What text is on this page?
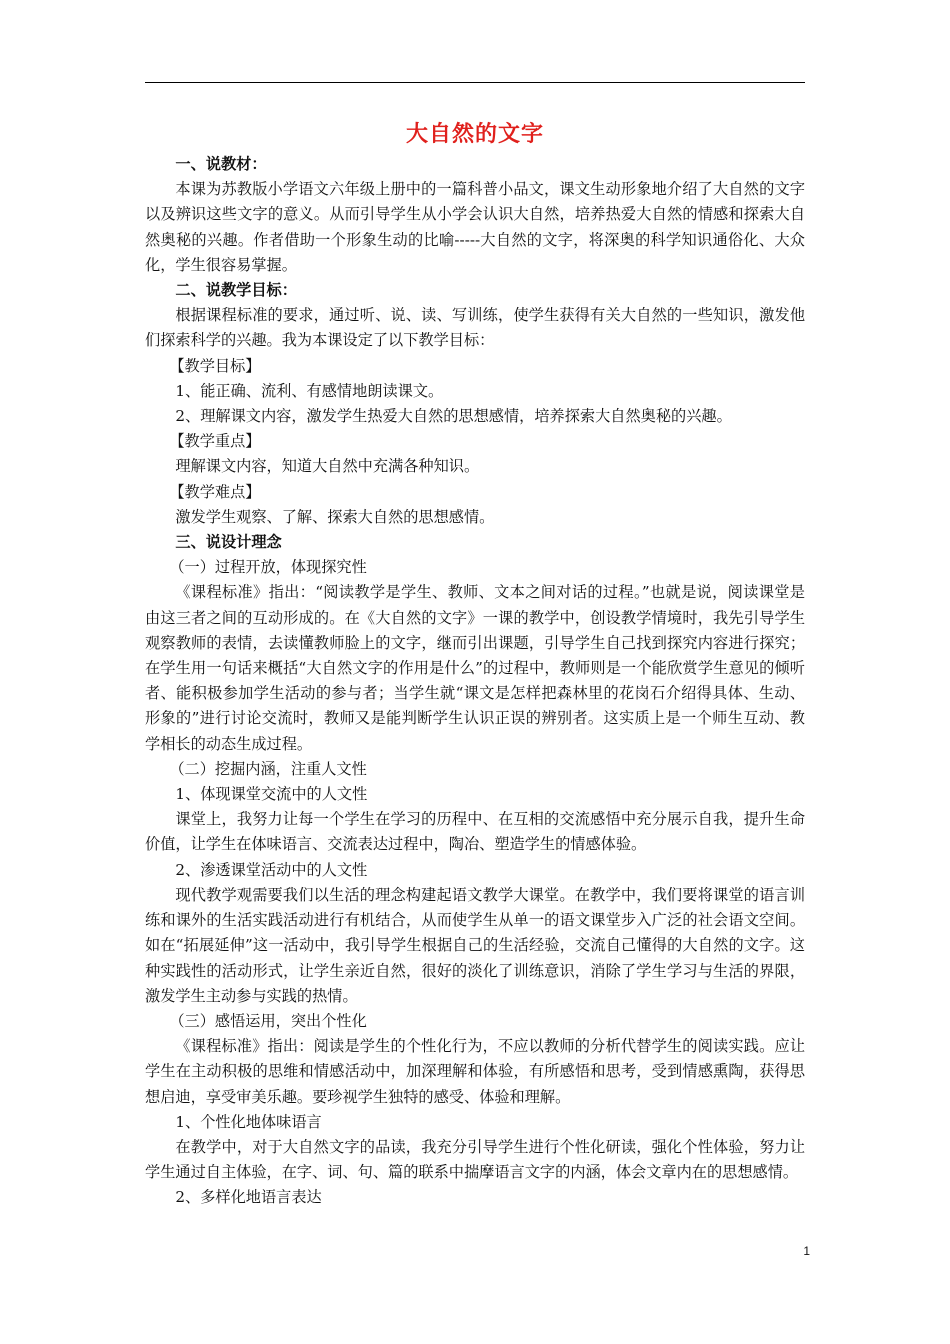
大自然的文字

一、说教材：

本课为苏教版小学语文六年级上册中的一篇科普小品文，课文生动形象地介绍了大自然的文字以及辨识这些文字的意义。从而引导学生从小学会认识大自然，培养热爱大自然的情感和探索大自然奥秘的兴趣。作者借助一个形象生动的比喻-----大自然的文字，将深奥的科学知识通俗化、大众化，学生很容易掌握。

二、说教学目标：

根据课程标准的要求，通过听、说、读、写训练，使学生获得有关大自然的一些知识，激发他们探索科学的兴趣。我为本课设定了以下教学目标：

【教学目标】

1、能正确、流利、有感情地朗读课文。

2、理解课文内容，激发学生热爱大自然的思想感情，培养探索大自然奥秘的兴趣。

【教学重点】

理解课文内容，知道大自然中充满各种知识。

【教学难点】

激发学生观察、了解、探索大自然的思想感情。

三、说设计理念

（一）过程开放，体现探究性

《课程标准》指出：“阅读教学是学生、教师、文本之间对话的过程。”也就是说，阅读课堂是由这三者之间的互动形成的。在《大自然的文字》一课的教学中，创设教学情境时，我先引导学生观察教师的表情，去读懂教师脸上的文字，继而引出课题，引导学生自己找到探究内容进行探究；在学生用一句话来概括“大自然文字的作用是什么”的过程中，教师则是一个能欣赏学生意见的倾听者、能积极参加学生活动的参与者；当学生就“课文是怎样把森林里的花岗石介绍得具体、生动、形象的”进行讨论交流时，教师又是能判断学生认识正误的辨别者。这实质上是一个师生互动、教学相长的动态生成过程。

（二）挖掘内涵，注重人文性

1、体现课堂交流中的人文性

课堂上，我努力让每一个学生在学习的历程中、在互相的交流感悟中充分展示自我，提升生命价值，让学生在体味语言、交流表达过程中，陶冶、塑造学生的情感体验。

2、渗透课堂活动中的人文性

现代教学观需要我们以生活的理念构建起语文教学大课堂。在教学中，我们要将课堂的语言训练和课外的生活实践活动进行有机结合，从而使学生从单一的语文课堂步入广泛的社会语文空间。如在“拓展延伸”这一活动中，我引导学生根据自己的生活经验，交流自己懂得的大自然的文字。这种实践性的活动形式，让学生亲近自然，很好的淡化了训练意识，消除了学生学习与生活的界限，激发学生主动参与实践的热情。

（三）感悟运用，突出个性化

《课程标准》指出：阅读是学生的个性化行为，不应以教师的分析代替学生的阅读实践。应让学生在主动积极的思维和情感活动中，加深理解和体验，有所感悟和思考，受到情感熏陶，获得思想启迪，享受审美乐趣。要珍视学生独特的感受、体验和理解。

1、个性化地体味语言

在教学中，对于大自然文字的品读，我充分引导学生进行个性化研读，强化个性体验，努力让学生通过自主体验，在字、词、句、篇的联系中揣摩语言文字的内涵，体会文章内在的思想感情。

2、多样化地语言表达

1
